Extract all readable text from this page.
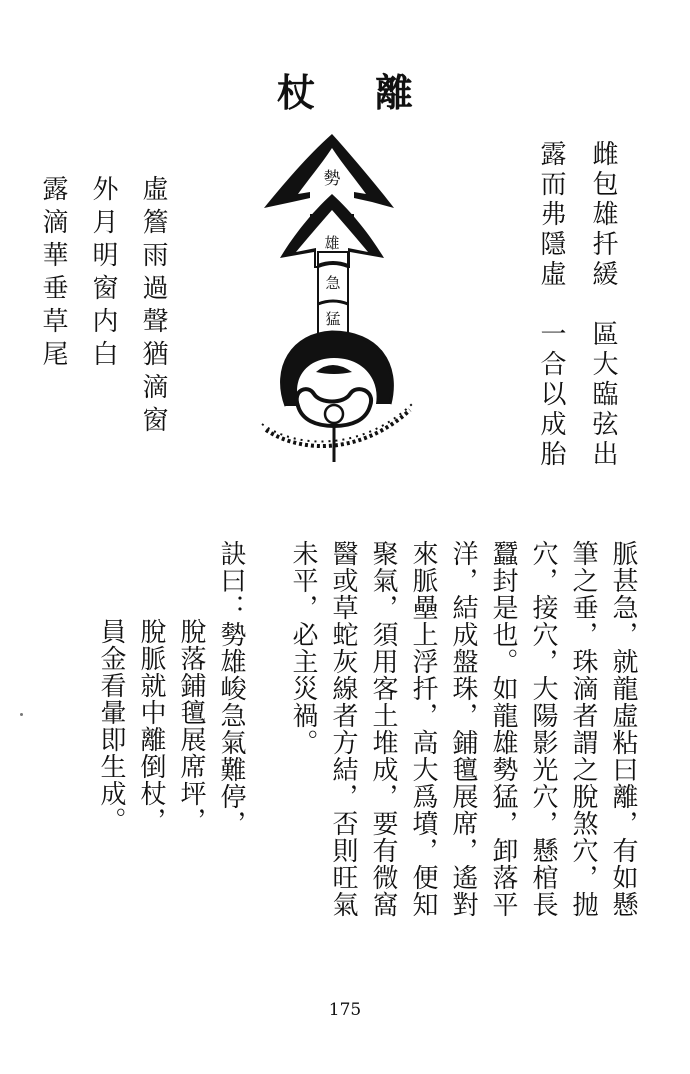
杖 離
雌包雄扦緩　區大臨弦出
露而弗隱虛　一合以成胎
虛簷雨過聲猶滴窗
外月明窗内白
露滴華垂草尾	勢
雄
急
猛
脈甚急，就龍虛粘曰離，有如懸
筆之垂，珠滴者謂之脫煞穴，抛
穴，接穴，大陽影光穴，懸棺長
蠶封是也。如龍雄勢猛，卸落平
洋，結成盤珠，鋪氊展席，遙對
來脈壘上浮扦，高大爲墳，便知
聚氣，須用客土堆成，要有微窩
醫或草蛇灰線者方結，否則旺氣
未平，必主災禍。
訣曰：勢雄峻急氣難停，
脫落鋪氊展席坪，
脫脈就中離倒杖，
員金看暈即生成。
175
